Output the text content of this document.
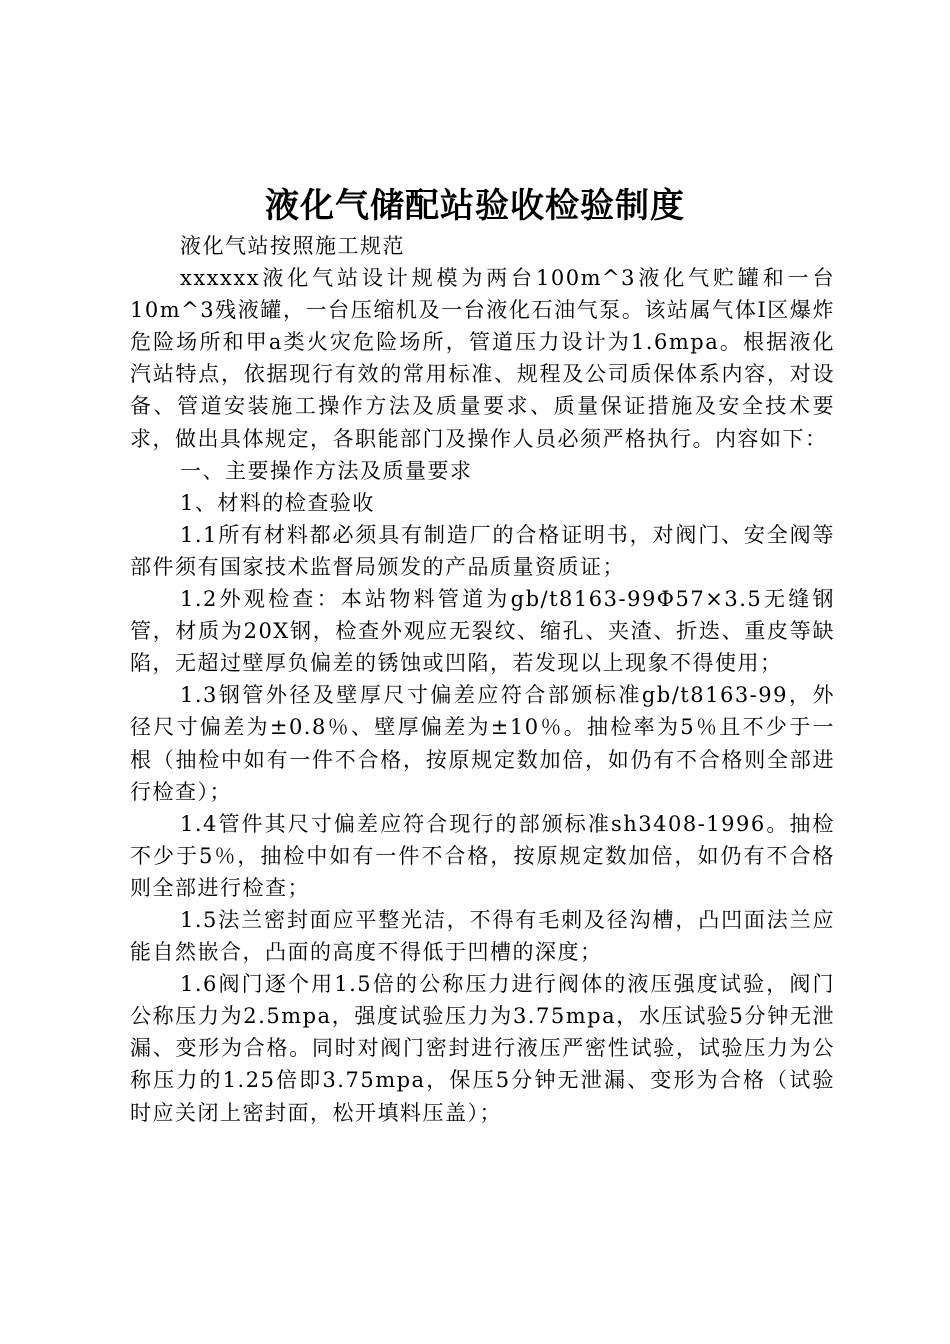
液化气储配站验收检验制度

液化气站按照施工规范

xxxxxx液化气站设计规模为两台100m^3液化气贮罐和一台10m^3残液罐，一台压缩机及一台液化石油气泵。该站属气体Ⅰ区爆炸危险场所和甲a类火灾危险场所，管道压力设计为1.6mpa。根据液化汽站特点，依据现行有效的常用标准、规程及公司质保体系内容，对设备、管道安装施工操作方法及质量要求、质量保证措施及安全技术要求，做出具体规定，各职能部门及操作人员必须严格执行。内容如下：

一、主要操作方法及质量要求

1、材料的检查验收

1.1所有材料都必须具有制造厂的合格证明书，对阀门、安全阀等部件须有国家技术监督局颁发的产品质量资质证；

1.2外观检查：本站物料管道为gb/t8163-99Φ57×3.5无缝钢管，材质为20X钢，检查外观应无裂纹、缩孔、夹渣、折迭、重皮等缺陷，无超过壁厚负偏差的锈蚀或凹陷，若发现以上现象不得使用；

1.3钢管外径及壁厚尺寸偏差应符合部颁标准gb/t8163-99，外径尺寸偏差为±0.8％、壁厚偏差为±10％。抽检率为5％且不少于一根（抽检中如有一件不合格，按原规定数加倍，如仍有不合格则全部进行检查）；

1.4管件其尺寸偏差应符合现行的部颁标准sh3408-1996。抽检不少于5％，抽检中如有一件不合格，按原规定数加倍，如仍有不合格则全部进行检查；

1.5法兰密封面应平整光洁，不得有毛刺及径沟槽，凸凹面法兰应能自然嵌合，凸面的高度不得低于凹槽的深度；

1.6阀门逐个用1.5倍的公称压力进行阀体的液压强度试验，阀门公称压力为2.5mpa，强度试验压力为3.75mpa，水压试验5分钟无泄漏、变形为合格。同时对阀门密封进行液压严密性试验，试验压力为公称压力的1.25倍即3.75mpa，保压5分钟无泄漏、变形为合格（试验时应关闭上密封面，松开填料压盖）；
